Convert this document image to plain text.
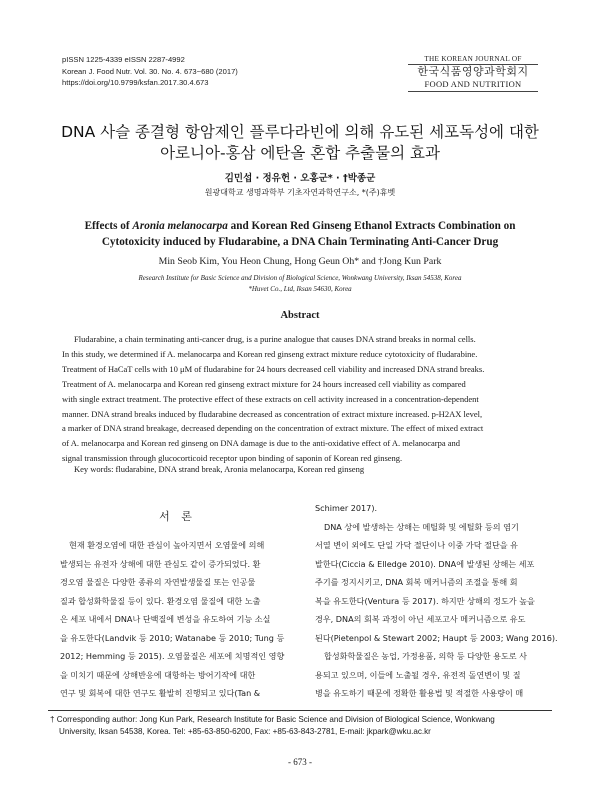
pISSN 1225-4339 eISSN 2287-4992
Korean J. Food Nutr. Vol. 30. No. 4. 673~680 (2017)
https://doi.org/10.9799/ksfan.2017.30.4.673
THE KOREAN JOURNAL OF
한국식품영양과학회지
FOOD AND NUTRITION
DNA 사슬 종결형 항암제인 플루다라빈에 의해 유도된 세포독성에 대한
아로니아-홍삼 에탄올 혼합 추출물의 효과
김민섭 · 정유헌 · 오홍군* · †박종군
원광대학교 생명과학부 기초자연과학연구소, *(주)휴벳
Effects of Aronia melanocarpa and Korean Red Ginseng Ethanol Extracts Combination on
Cytotoxicity induced by Fludarabine, a DNA Chain Terminating Anti-Cancer Drug
Min Seob Kim, You Heon Chung, Hong Geun Oh* and †Jong Kun Park
Research Institute for Basic Science and Division of Biological Science, Wonkwang University, Iksan 54538, Korea
*Huvet Co., Ltd, Iksan 54630, Korea
Abstract
Fludarabine, a chain terminating anti-cancer drug, is a purine analogue that causes DNA strand breaks in normal cells.
In this study, we determined if A. melanocarpa and Korean red ginseng extract mixture reduce cytotoxicity of fludarabine.
Treatment of HaCaT cells with 10 μM of fludarabine for 24 hours decreased cell viability and increased DNA strand breaks.
Treatment of A. melanocarpa and Korean red ginseng extract mixture for 24 hours increased cell viability as compared
with single extract treatment. The protective effect of these extracts on cell activity increased in a concentration-dependent
manner. DNA strand breaks induced by fludarabine decreased as concentration of extract mixture increased. p-H2AX level,
a marker of DNA strand breakage, decreased depending on the concentration of extract mixture. The effect of mixed extract
of A. melanocarpa and Korean red ginseng on DNA damage is due to the anti-oxidative effect of A. melanocarpa and
signal transmission through glucocorticoid receptor upon binding of saponin of Korean red ginseng.
Key words: fludarabine, DNA strand break, Aronia melanocarpa, Korean red ginseng
서 론
현재 환경오염에 대한 관심이 높아지면서 오염물에 의해
발생되는 유전자 상해에 대한 관심도 같이 증가되었다. 환
경오염 물질은 다양한 종류의 자연발생물질 또는 인공물
질과 합성화학물질 등이 있다. 환경오염 물질에 대한 노출
은 세포 내에서 DNA나 단백질에 변성을 유도하여 기능 소실
을 유도한다(Landvik 등 2010; Watanabe 등 2010; Tung 등
2012; Hemming 등 2015). 오염물질은 세포에 치명적인 영향
을 미치기 때문에 상해반응에 대항하는 방어기작에 대한
연구 및 회복에 대한 연구도 활발히 진행되고 있다(Tan &
Schimer 2017).
DNA 상에 발생하는 상해는 메틸화 및 에틸화 등의 염기
서열 변이 외에도 단일 가닥 절단이나 이중 가닥 절단을 유
발한다(Ciccia & Elledge 2010). DNA에 발생된 상해는 세포
주기를 정지시키고, DNA 회복 메커니즘의 조절을 통해 회
복을 유도한다(Ventura 등 2017). 하지만 상해의 정도가 높을
경우, DNA의 회복 과정이 아닌 세포고사 메커니즘으로 유도
된다(Pietenpol & Stewart 2002; Haupt 등 2003; Wang 2016).
합성화학물질은 농업, 가정용품, 의학 등 다양한 용도로 사
용되고 있으며, 이들에 노출될 경우, 유전적 돌연변이 및 질
병을 유도하기 때문에 정확한 활용법 및 적절한 사용량이 매
† Corresponding author: Jong Kun Park, Research Institute for Basic Science and Division of Biological Science, Wonkwang
University, Iksan 54538, Korea. Tel: +85-63-850-6200, Fax: +85-63-843-2781, E-mail: jkpark@wku.ac.kr
- 673 -
